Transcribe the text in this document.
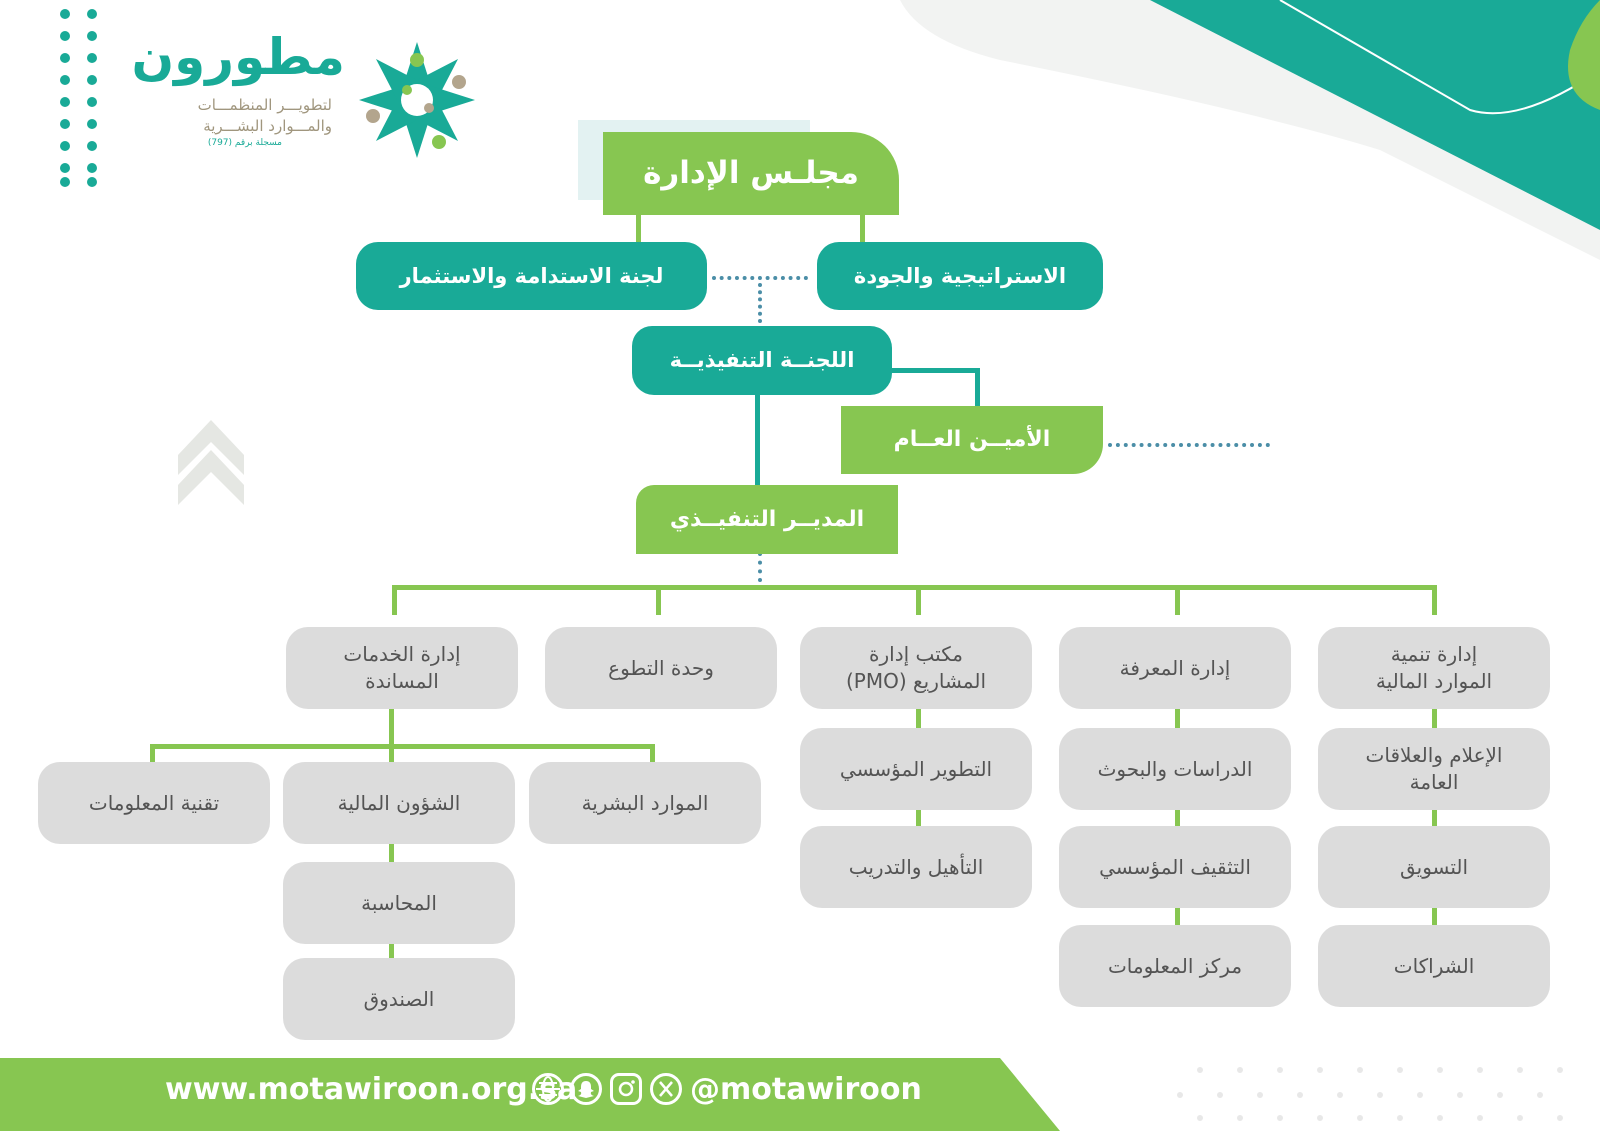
مطورون
لتطويـــر المنظمـــات
والمـــوارد البشـــرية
مسجلة برقم (797)
مجلـس الإدارة
الاستراتيجية والجودة
لجنة الاستدامة والاستثمار
اللجنــة التنفيذيــة
الأميــن العــام
المديــر التنفيــذي
إدارة تنمية
الموارد المالية
إدارة المعرفة
مكتب إدارة
المشاريع (PMO)
وحدة التطوع
إدارة الخدمات
المساندة
الإعلام والعلاقات
العامة
التسويق
الشراكات
الدراسات والبحوث
التثقيف المؤسسي
مركز المعلومات
التطوير المؤسسي
التأهيل والتدريب
الموارد البشرية
الشؤون المالية
تقنية المعلومات
المحاسبة
الصندوق
www.motawiroon.org.sa	@motawiroon
